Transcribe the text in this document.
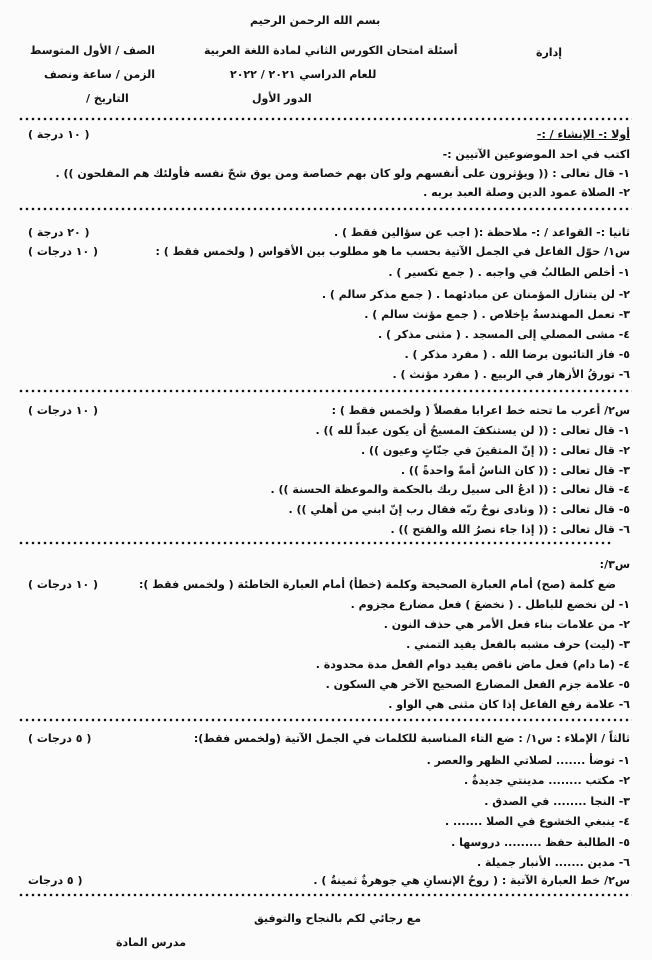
بسم الله الرحمن الرحيم
إدارة
أسئلة امتحان الكورس الثاني لمادة اللغة العربية
الصف / الأول المتوسط
للعام الدراسي ٢٠٢١ / ٢٠٢٢
الزمن / ساعة ونصف
الدور الأول
التاريخ /
أولا :- الإنشاء / :-
( ١٠ درجة )
اكتب في احد الموضوعين الآتيين :-
١- قال تعالى : (( ويؤثرون على أنفسهم ولو كان بهم خصاصة ومن يوق شحّ نفسه فأولئك هم المفلحون )) .
٢- الصلاة عمود الدين وصلة العبد بربه .
ثانيا :- القواعد / :- ملاحظة :( اجب عن سؤالين فقط ) .
( ٢٠ درجة )
س١/ حوّل الفاعل في الجمل الآتية بحسب ما هو مطلوب بين الأقواس ( ولخمس فقط ) :
( ١٠ درجات )
١- أخلص الطالبُ في واجبه . ( جمع تكسير ) .
٢- لن يتنازل المؤمنان عن مبادئهما . ( جمع مذكر سالم ) .
٣- تعمل المهندسةُ بإخلاص . ( جمع مؤنث سالم ) .
٤- مشى المصلي إلى المسجد . ( مثنى مذكر ) .
٥- فاز التائبون برضا الله . ( مفرد مذكر ) .
٦- تورقُ الأزهار في الربيع . ( مفرد مؤنث ) .
س٢/ أعرب ما تحته خط اعرابا مفصلاً ( ولخمس فقط ) :
( ١٠ درجات )
١- قال تعالى : (( لن يستنكفَ المسيحُ أن يكون عبداً لله )) .
٢- قال تعالى : (( إنّ المتقينَ في جنّاتٍ وعيون )) .
٣- قال تعالى : (( كان الناسُ أمةً واحدةً )) .
٤- قال تعالى : (( ادعُ الى سبيل ربك بالحكمة والموعظة الحسنة )) .
٥- قال تعالى : (( ونادى نوحٌ ربّه فقال رب إنّ ابني من أهلي )) .
٦- قال تعالى : (( إذا جاء نصرُ الله والفتح )) .
س٣/:
ضع كلمة (صح) أمام العبارة الصحيحة وكلمة (خطأ) أمام العبارة الخاطئة ( ولخمس فقط ):
( ١٠ درجات )
١- لن نخضع للباطل . ( نخضعَ ) فعل مضارع مجزوم .
٢- من علامات بناء فعل الأمر هي حذف النون .
٣- (ليت) حرف مشبه بالفعل يفيد التمني .
٤- (ما دام) فعل ماض ناقص يفيد دوام الفعل مدة محدودة .
٥- علامة جزم الفعل المضارع الصحيح الآخر هي السكون .
٦- علامة رفع الفاعل إذا كان مثنى هي الواو .
ثالثاً / الإملاء : س١/ : ضع التاء المناسبة للكلمات في الجمل الآتية (ولخمس فقط):
( ٥ درجات )
١- توضأ ....... لصلاتي الظهر والعصر .
٢- مكتب ........ مدينتي جديدةٌ .
٣- النجا ........ في الصدق .
٤- ينبغي الخشوع في الصلا ....... .
٥- الطالبة حفظ ......... دروسها .
٦- مدين ....... الأنبار جميلة .
س٢/ خط العبارة الآتية : ( روحُ الإنسانِ هي جوهرةٌ ثمينةٌ ) .
( ٥ درجات
مع رجائي لكم بالنجاح والتوفيق
مدرس المادة
